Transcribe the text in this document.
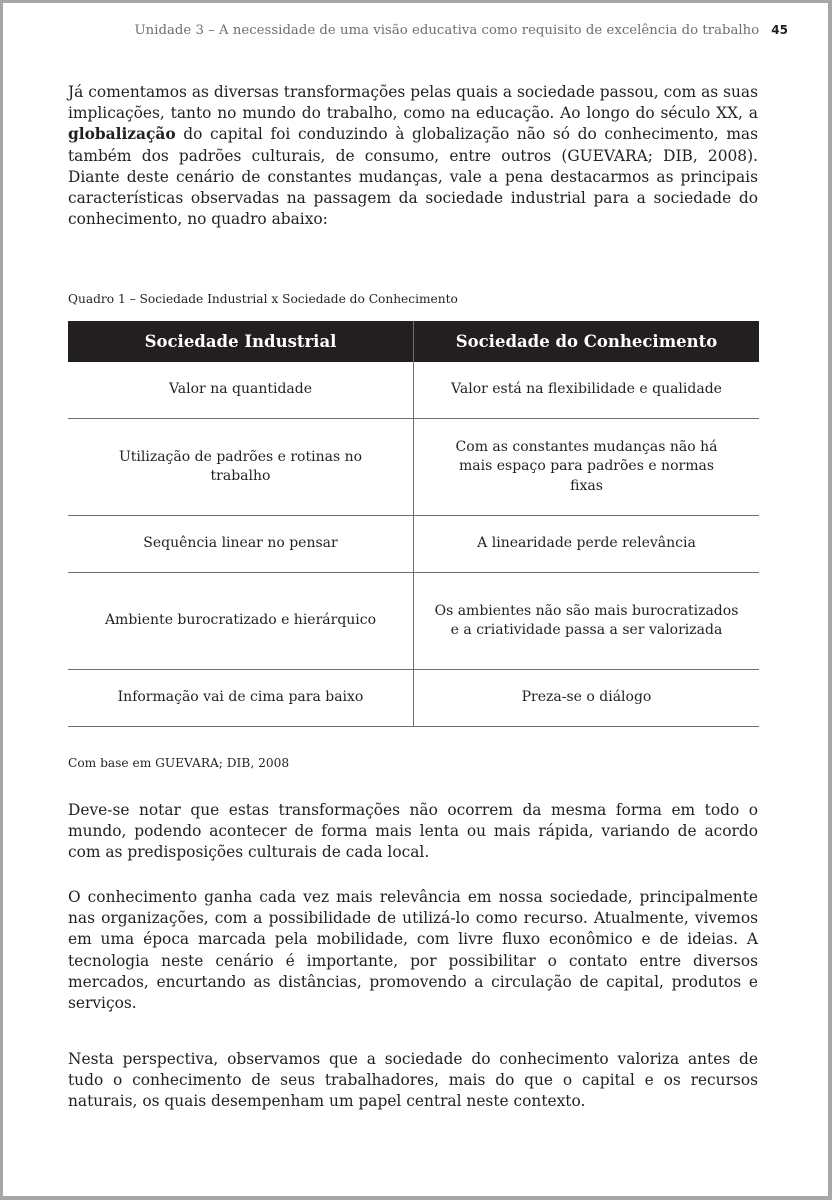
Unidade 3 – A necessidade de uma visão educativa como requisito de excelência do trabalho 45

Já comentamos as diversas transformações pelas quais a sociedade passou, com as suas implicações, tanto no mundo do trabalho, como na educação. Ao longo do século XX, a globalização do capital foi conduzindo à globalização não só do conhecimento, mas também dos padrões culturais, de consumo, entre outros (GUEVARA; DIB, 2008). Diante deste cenário de constantes mudanças, vale a pena destacarmos as principais características observadas na passagem da sociedade industrial para a sociedade do conhecimento, no quadro abaixo:

Quadro 1 – Sociedade Industrial x Sociedade do Conhecimento
Sociedade Industrial	Sociedade do Conhecimento
Valor na quantidade	Valor está na flexibilidade e qualidade
Utilização de padrões e rotinas no trabalho	Com as constantes mudanças não há mais espaço para padrões e normas fixas
Sequência linear no pensar	A linearidade perde relevância
Ambiente burocratizado e hierárquico	Os ambientes não são mais burocratizados e a criatividade passa a ser valorizada
Informação vai de cima para baixo	Preza-se o diálogo
Com base em GUEVARA; DIB, 2008

Deve-se notar que estas transformações não ocorrem da mesma forma em todo o mundo, podendo acontecer de forma mais lenta ou mais rápida, variando de acordo com as predisposições culturais de cada local.

O conhecimento ganha cada vez mais relevância em nossa sociedade, principalmente nas organizações, com a possibilidade de utilizá-lo como recurso. Atualmente, vivemos em uma época marcada pela mobilidade, com livre fluxo econômico e de ideias. A tecnologia neste cenário é importante, por possibilitar o contato entre diversos mercados, encurtando as distâncias, promovendo a circulação de capital, produtos e serviços.

Nesta perspectiva, observamos que a sociedade do conhecimento valoriza antes de tudo o conhecimento de seus trabalhadores, mais do que o capital e os recursos naturais, os quais desempenham um papel central neste contexto.
